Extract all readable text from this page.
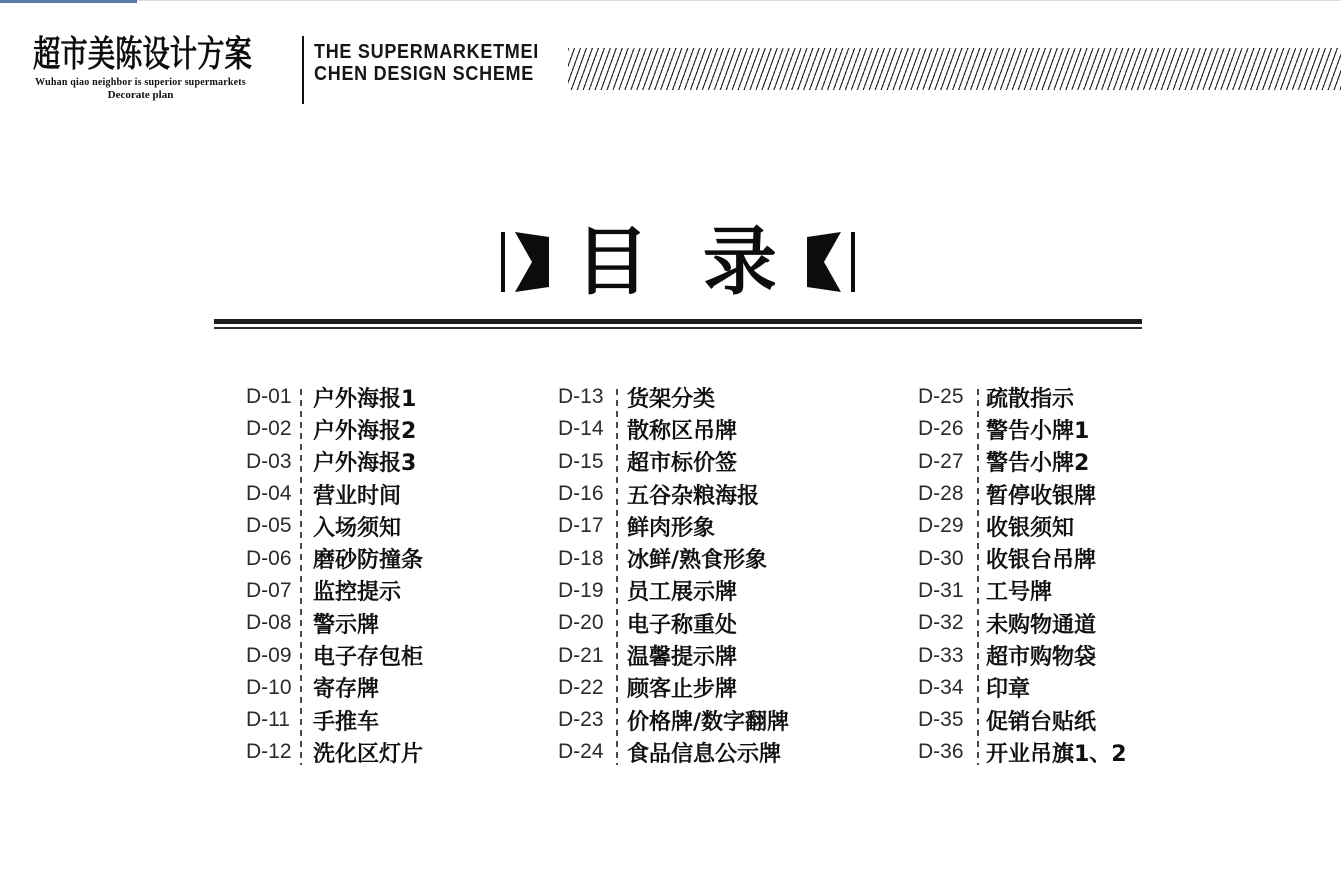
超市美陈设计方案
Wuhan qiao neighbor is superior supermarkets
Decorate plan
THE SUPERMARKETMEI
CHEN DESIGN SCHEME
目 录
D-01 户外海报1
D-02 户外海报2
D-03 户外海报3
D-04 营业时间
D-05 入场须知
D-06 磨砂防撞条
D-07 监控提示
D-08 警示牌
D-09 电子存包柜
D-10 寄存牌
D-11	手推车
D-12 洗化区灯片
D-13	货架分类
D-14	散称区吊牌
D-15	超市标价签
D-16	五谷杂粮海报
D-17	鲜肉形象
D-18	冰鲜/熟食形象
D-19	员工展示牌
D-20	电子称重处
D-21	温馨提示牌
D-22	顾客止步牌
D-23	价格牌/数字翻牌
D-24	食品信息公示牌
D-25	疏散指示
D-26	警告小牌1
D-27	警告小牌2
D-28	暂停收银牌
D-29	收银须知
D-30	收银台吊牌
D-31	工号牌
D-32	未购物通道
D-33	超市购物袋
D-34	印章
D-35	促销台贴纸
D-36	开业吊旗1、2
